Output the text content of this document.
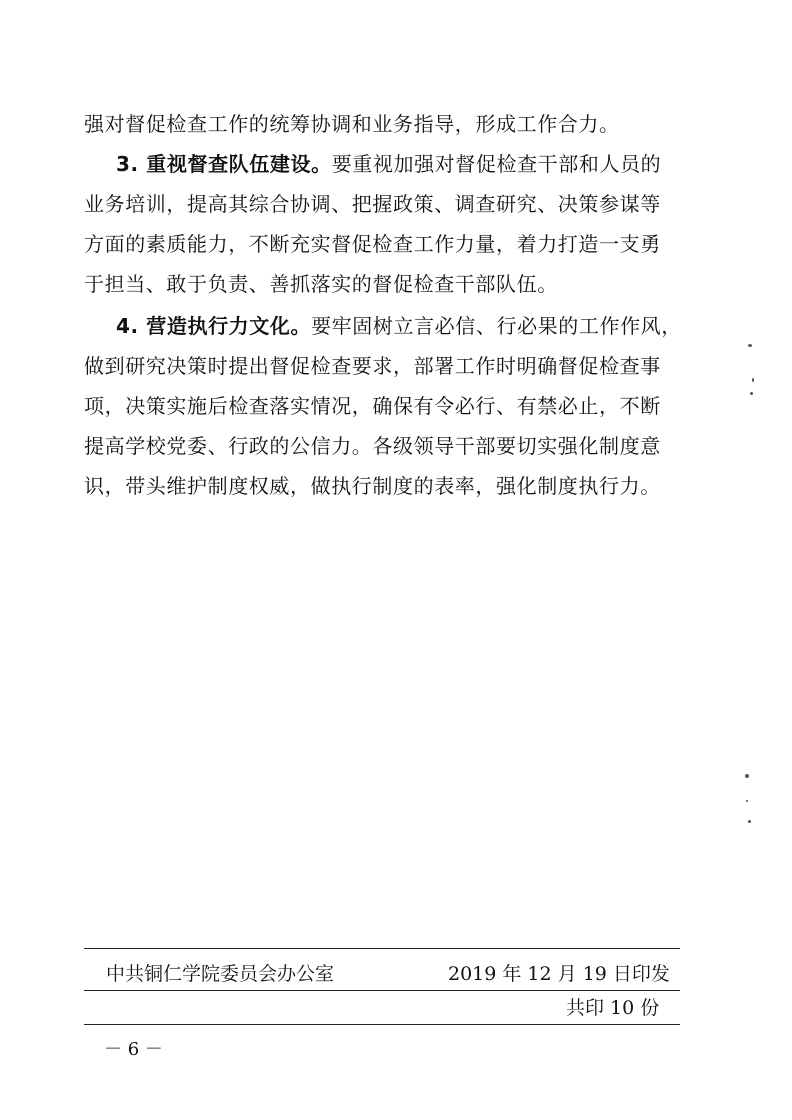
强对督促检查工作的统筹协调和业务指导，形成工作合力。
3. 重视督查队伍建设。要重视加强对督促检查干部和人员的
业务培训，提高其综合协调、把握政策、调查研究、决策参谋等
方面的素质能力，不断充实督促检查工作力量，着力打造一支勇
于担当、敢于负责、善抓落实的督促检查干部队伍。
4. 营造执行力文化。要牢固树立言必信、行必果的工作作风，
做到研究决策时提出督促检查要求，部署工作时明确督促检查事
项，决策实施后检查落实情况，确保有令必行、有禁必止，不断
提高学校党委、行政的公信力。各级领导干部要切实强化制度意
识，带头维护制度权威，做执行制度的表率，强化制度执行力。
中共铜仁学院委员会办公室	2019 年 12 月 19 日印发
共印 10 份
－ 6 －
